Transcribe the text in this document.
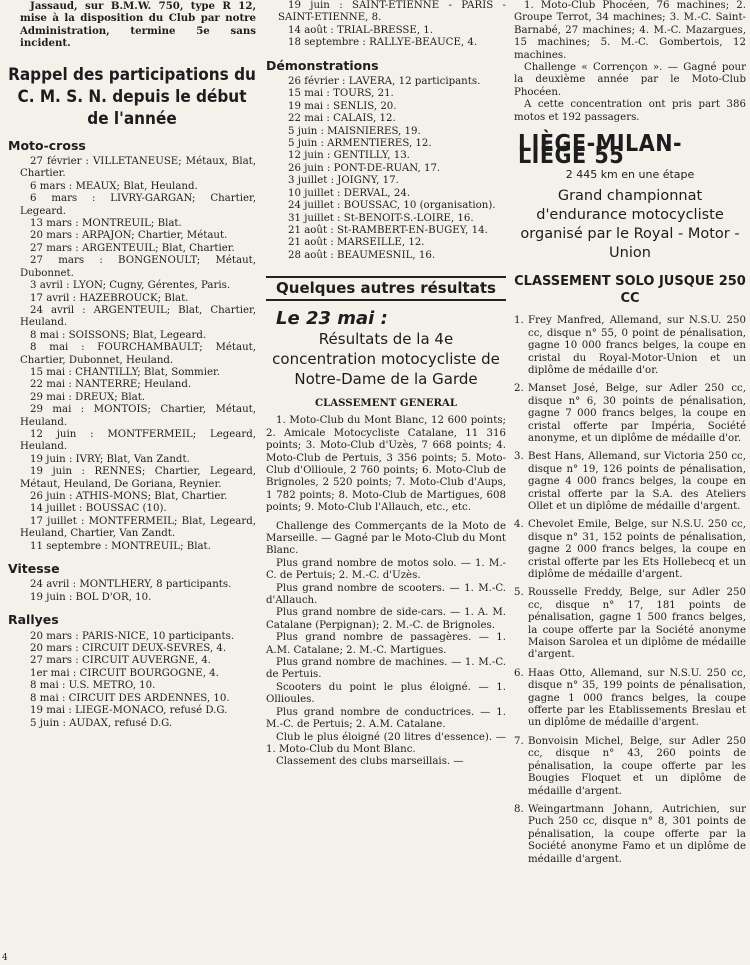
Jassaud, sur B.M.W. 750, type R 12, mise à la disposition du Club par notre Administration, termine 5e sans incident.

Rappel des participations du C. M. S. N. depuis le début de l'année
Moto-cross

27 février : VILLETANEUSE; Métaux, Blat, Chartier.

6 mars : MEAUX; Blat, Heuland.

6 mars : LIVRY-GARGAN; Chartier, Legeard.

13 mars : MONTREUIL; Blat.

20 mars : ARPAJON; Chartier, Métaut.

27 mars : ARGENTEUIL; Blat, Chartier.

27 mars : BONGENOULT; Métaut, Dubonnet.

3 avril : LYON; Cugny, Gérentes, Paris.

17 avril : HAZEBROUCK; Blat.

24 avril : ARGENTEUIL; Blat, Chartier, Heuland.

8 mai : SOISSONS; Blat, Legeard.

8 mai : FOURCHAMBAULT; Métaut, Chartier, Dubonnet, Heuland.

15 mai : CHANTILLY; Blat, Sommier.

22 mai : NANTERRE; Heuland.

29 mai : DREUX; Blat.

29 mai : MONTOIS; Chartier, Métaut, Heuland.

12 juin : MONTFERMEIL; Legeard, Heuland.

19 juin : IVRY; Blat, Van Zandt.

19 juin : RENNES; Chartier, Legeard, Métaut, Heuland, De Goriana, Reynier.

26 juin : ATHIS-MONS; Blat, Chartier.

14 juillet : BOUSSAC (10).

17 juillet : MONTFERMEIL; Blat, Legeard, Heuland, Chartier, Van Zandt.

11 septembre : MONTREUIL; Blat.

Vitesse

24 avril : MONTLHERY, 8 participants.

19 juin : BOL D'OR, 10.

Rallyes

20 mars : PARIS-NICE, 10 participants.

20 mars : CIRCUIT DEUX-SEVRES, 4.

27 mars : CIRCUIT AUVERGNE, 4.

1er mai : CIRCUIT BOURGOGNE, 4.

8 mai : U.S. METRO, 10.

8 mai : CIRCUIT DES ARDENNES, 10.

19 mai : LIEGE-MONACO, refusé D.G.

5 juin : AUDAX, refusé D.G.

4

19 juin : SAINT-ETIENNE - PARIS - SAINT-ETIENNE, 8.

14 août : TRIAL-BRESSE, 1.

18 septembre : RALLYE-BEAUCE, 4.

Démonstrations

26 février : LAVERA, 12 participants.

15 mai : TOURS, 21.

19 mai : SENLIS, 20.

22 mai : CALAIS, 12.

5 juin : MAISNIERES, 19.

5 juin : ARMENTIERES, 12.

12 juin : GENTILLY, 13.

26 juin : PONT-DE-RUAN, 17.

3 juillet : JOIGNY, 17.

10 juillet : DERVAL, 24.

24 juillet : BOUSSAC, 10 (organisation).

31 juillet : St-BENOIT-S.-LOIRE, 16.

21 août : St-RAMBERT-EN-BUGEY, 14.

21 août : MARSEILLE, 12.

28 août : BEAUMESNIL, 16.

Quelques autres résultats
Le 23 mai :
Résultats de la 4e concentration motocycliste de Notre-Dame de la Garde
CLASSEMENT GENERAL

1. Moto-Club du Mont Blanc, 12 600 points; 2. Amicale Motocycliste Catalane, 11 316 points; 3. Moto-Club d'Uzès, 7 668 points; 4. Moto-Club de Pertuis, 3 356 points; 5. Moto-Club d'Ollioule, 2 760 points; 6. Moto-Club de Brignoles, 2 520 points; 7. Moto-Club d'Aups, 1 782 points; 8. Moto-Club de Martigues, 608 points; 9. Moto-Club l'Allauch, etc., etc.

Challenge des Commerçants de la Moto de Marseille. — Gagné par le Moto-Club du Mont Blanc.

Plus grand nombre de motos solo. — 1. M.-C. de Pertuis; 2. M.-C. d'Uzès.

Plus grand nombre de scooters. — 1. M.-C. d'Allauch.

Plus grand nombre de side-cars. — 1. A. M. Catalane (Perpignan); 2. M.-C. de Brignoles.

Plus grand nombre de passagères. — 1. A.M. Catalane; 2. M.-C. Martigues.

Plus grand nombre de machines. — 1. M.-C. de Pertuis.

Scooters du point le plus éloigné. — 1. Ollioules.

Plus grand nombre de conductrices. — 1. M.-C. de Pertuis; 2. A.M. Catalane.

Club le plus éloigné (20 litres d'essence). — 1. Moto-Club du Mont Blanc.

Classement des clubs marseillais. —

1. Moto-Club Phocéen, 76 machines; 2. Groupe Terrot, 34 machines; 3. M.-C. Saint-Barnabé, 27 machines; 4. M.-C. Mazargues, 15 machines; 5. M.-C. Gombertois, 12 machines.

Challenge « Corrençon ». — Gagné pour la deuxième année par le Moto-Club Phocéen.

A cette concentration ont pris part 386 motos et 192 passagers.

LIÈGE-MILAN-LIÈGE 55
2 445 km en une étape
Grand championnat d'endurance motocycliste organisé par le Royal - Motor - Union
CLASSEMENT SOLO JUSQUE 250 CC
1. Frey Manfred, Allemand, sur N.S.U. 250 cc, disque n° 55, 0 point de pénalisation, gagne 10 000 francs belges, la coupe en cristal du Royal-Motor-Union et un diplôme de médaille d'or.
2. Manset José, Belge, sur Adler 250 cc, disque n° 6, 30 points de pénalisation, gagne 7 000 francs belges, la coupe en cristal offerte par Impéria, Société anonyme, et un diplôme de médaille d'or.
3. Best Hans, Allemand, sur Victoria 250 cc, disque n° 19, 126 points de pénalisation, gagne 4 000 francs belges, la coupe en cristal offerte par la S.A. des Ateliers Ollet et un diplôme de médaille d'argent.
4. Chevolet Emile, Belge, sur N.S.U. 250 cc, disque n° 31, 152 points de pénalisation, gagne 2 000 francs belges, la coupe en cristal offerte par les Ets Hollebecq et un diplôme de médaille d'argent.
5. Rousselle Freddy, Belge, sur Adler 250 cc, disque n° 17, 181 points de pénalisation, gagne 1 500 francs belges, la coupe offerte par la Société anonyme Maison Sarolea et un diplôme de médaille d'argent.
6. Haas Otto, Allemand, sur N.S.U. 250 cc, disque n° 35, 199 points de pénalisation, gagne 1 000 francs belges, la coupe offerte par les Etablissements Breslau et un diplôme de médaille d'argent.
7. Bonvoisin Michel, Belge, sur Adler 250 cc, disque n° 43, 260 points de pénalisation, la coupe offerte par les Bougies Floquet et un diplôme de médaille d'argent.
8. Weingartmann Johann, Autrichien, sur Puch 250 cc, disque n° 8, 301 points de pénalisation, la coupe offerte par la Société anonyme Famo et un diplôme de médaille d'argent.
